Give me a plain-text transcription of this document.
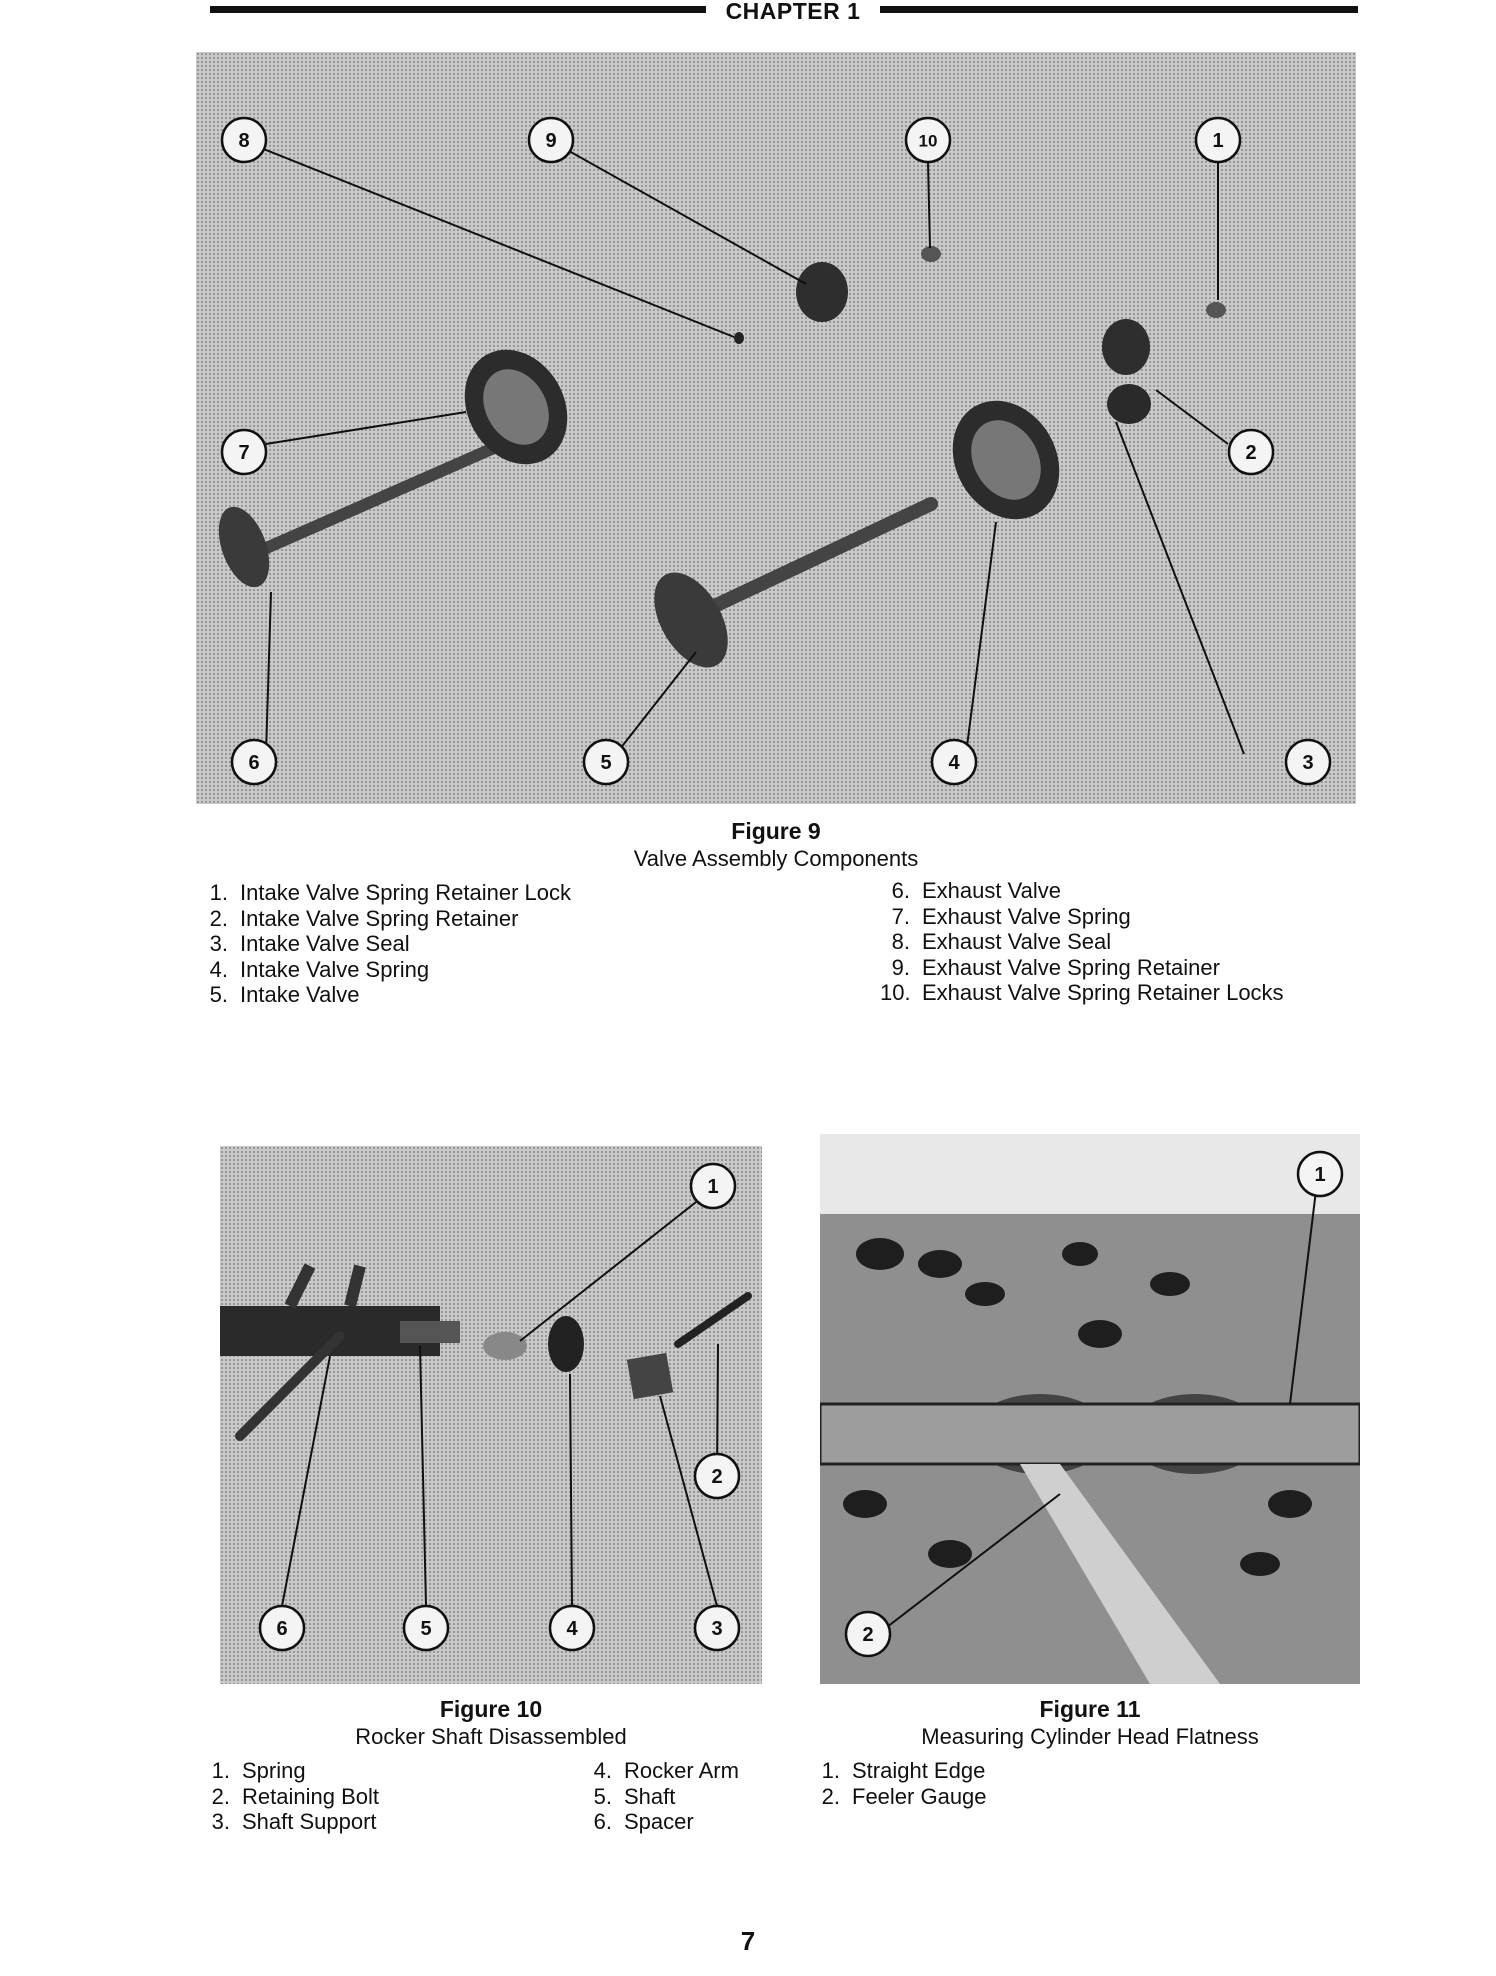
CHAPTER 1
8	9	10	1
7	2
6	5	4	3
Figure 9
Valve Assembly Components
1. Intake Valve Spring Retainer Lock
2. Intake Valve Spring Retainer
3. Intake Valve Seal
4. Intake Valve Spring
5. Intake Valve
6. Exhaust Valve
7. Exhaust Valve Spring
8. Exhaust Valve Seal
9. Exhaust Valve Spring Retainer
10. Exhaust Valve Spring Retainer Locks
1
2
6	5	4	3
1
2
Figure 10
Rocker Shaft Disassembled
1. Spring
2. Retaining Bolt
3. Shaft Support
4. Rocker Arm
5. Shaft
6. Spacer
Figure 11
Measuring Cylinder Head Flatness
1. Straight Edge
2. Feeler Gauge
7
